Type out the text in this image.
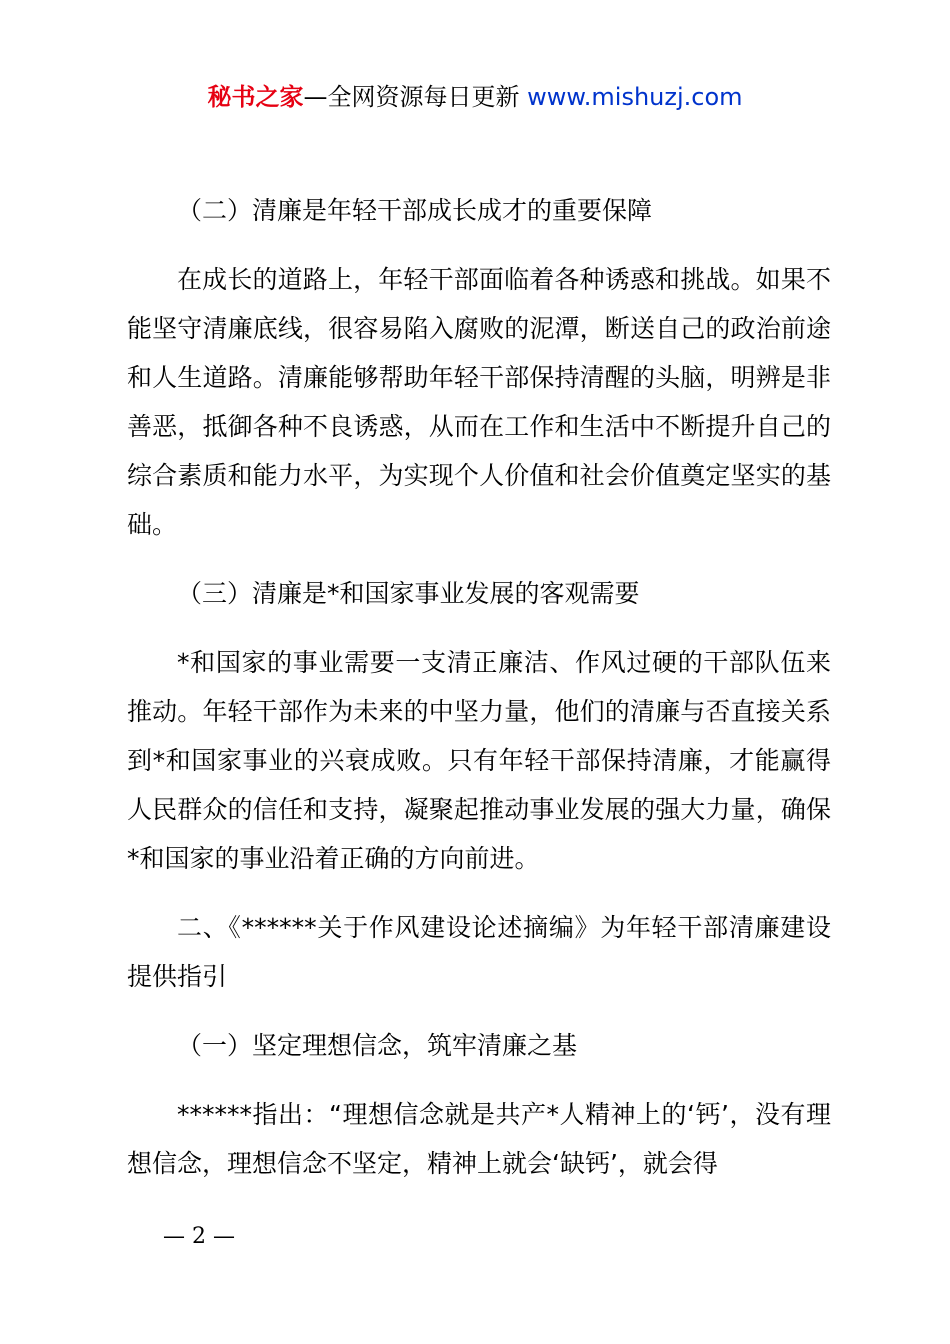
秘书之家—全网资源每日更新 www.mishuzj.com

（二）清廉是年轻干部成长成才的重要保障

在成长的道路上，年轻干部面临着各种诱惑和挑战。如果不能坚守清廉底线，很容易陷入腐败的泥潭，断送自己的政治前途和人生道路。清廉能够帮助年轻干部保持清醒的头脑，明辨是非善恶，抵御各种不良诱惑，从而在工作和生活中不断提升自己的综合素质和能力水平，为实现个人价值和社会价值奠定坚实的基础。

（三）清廉是*和国家事业发展的客观需要

*和国家的事业需要一支清正廉洁、作风过硬的干部队伍来推动。年轻干部作为未来的中坚力量，他们的清廉与否直接关系到*和国家事业的兴衰成败。只有年轻干部保持清廉，才能赢得人民群众的信任和支持，凝聚起推动事业发展的强大力量，确保*和国家的事业沿着正确的方向前进。

二、《******关于作风建设论述摘编》为年轻干部清廉建设提供指引

（一）坚定理想信念，筑牢清廉之基

******指出：“理想信念就是共产*人精神上的‘钙’，没有理想信念，理想信念不坚定，精神上就会‘缺钙’，就会得

— 2 —
